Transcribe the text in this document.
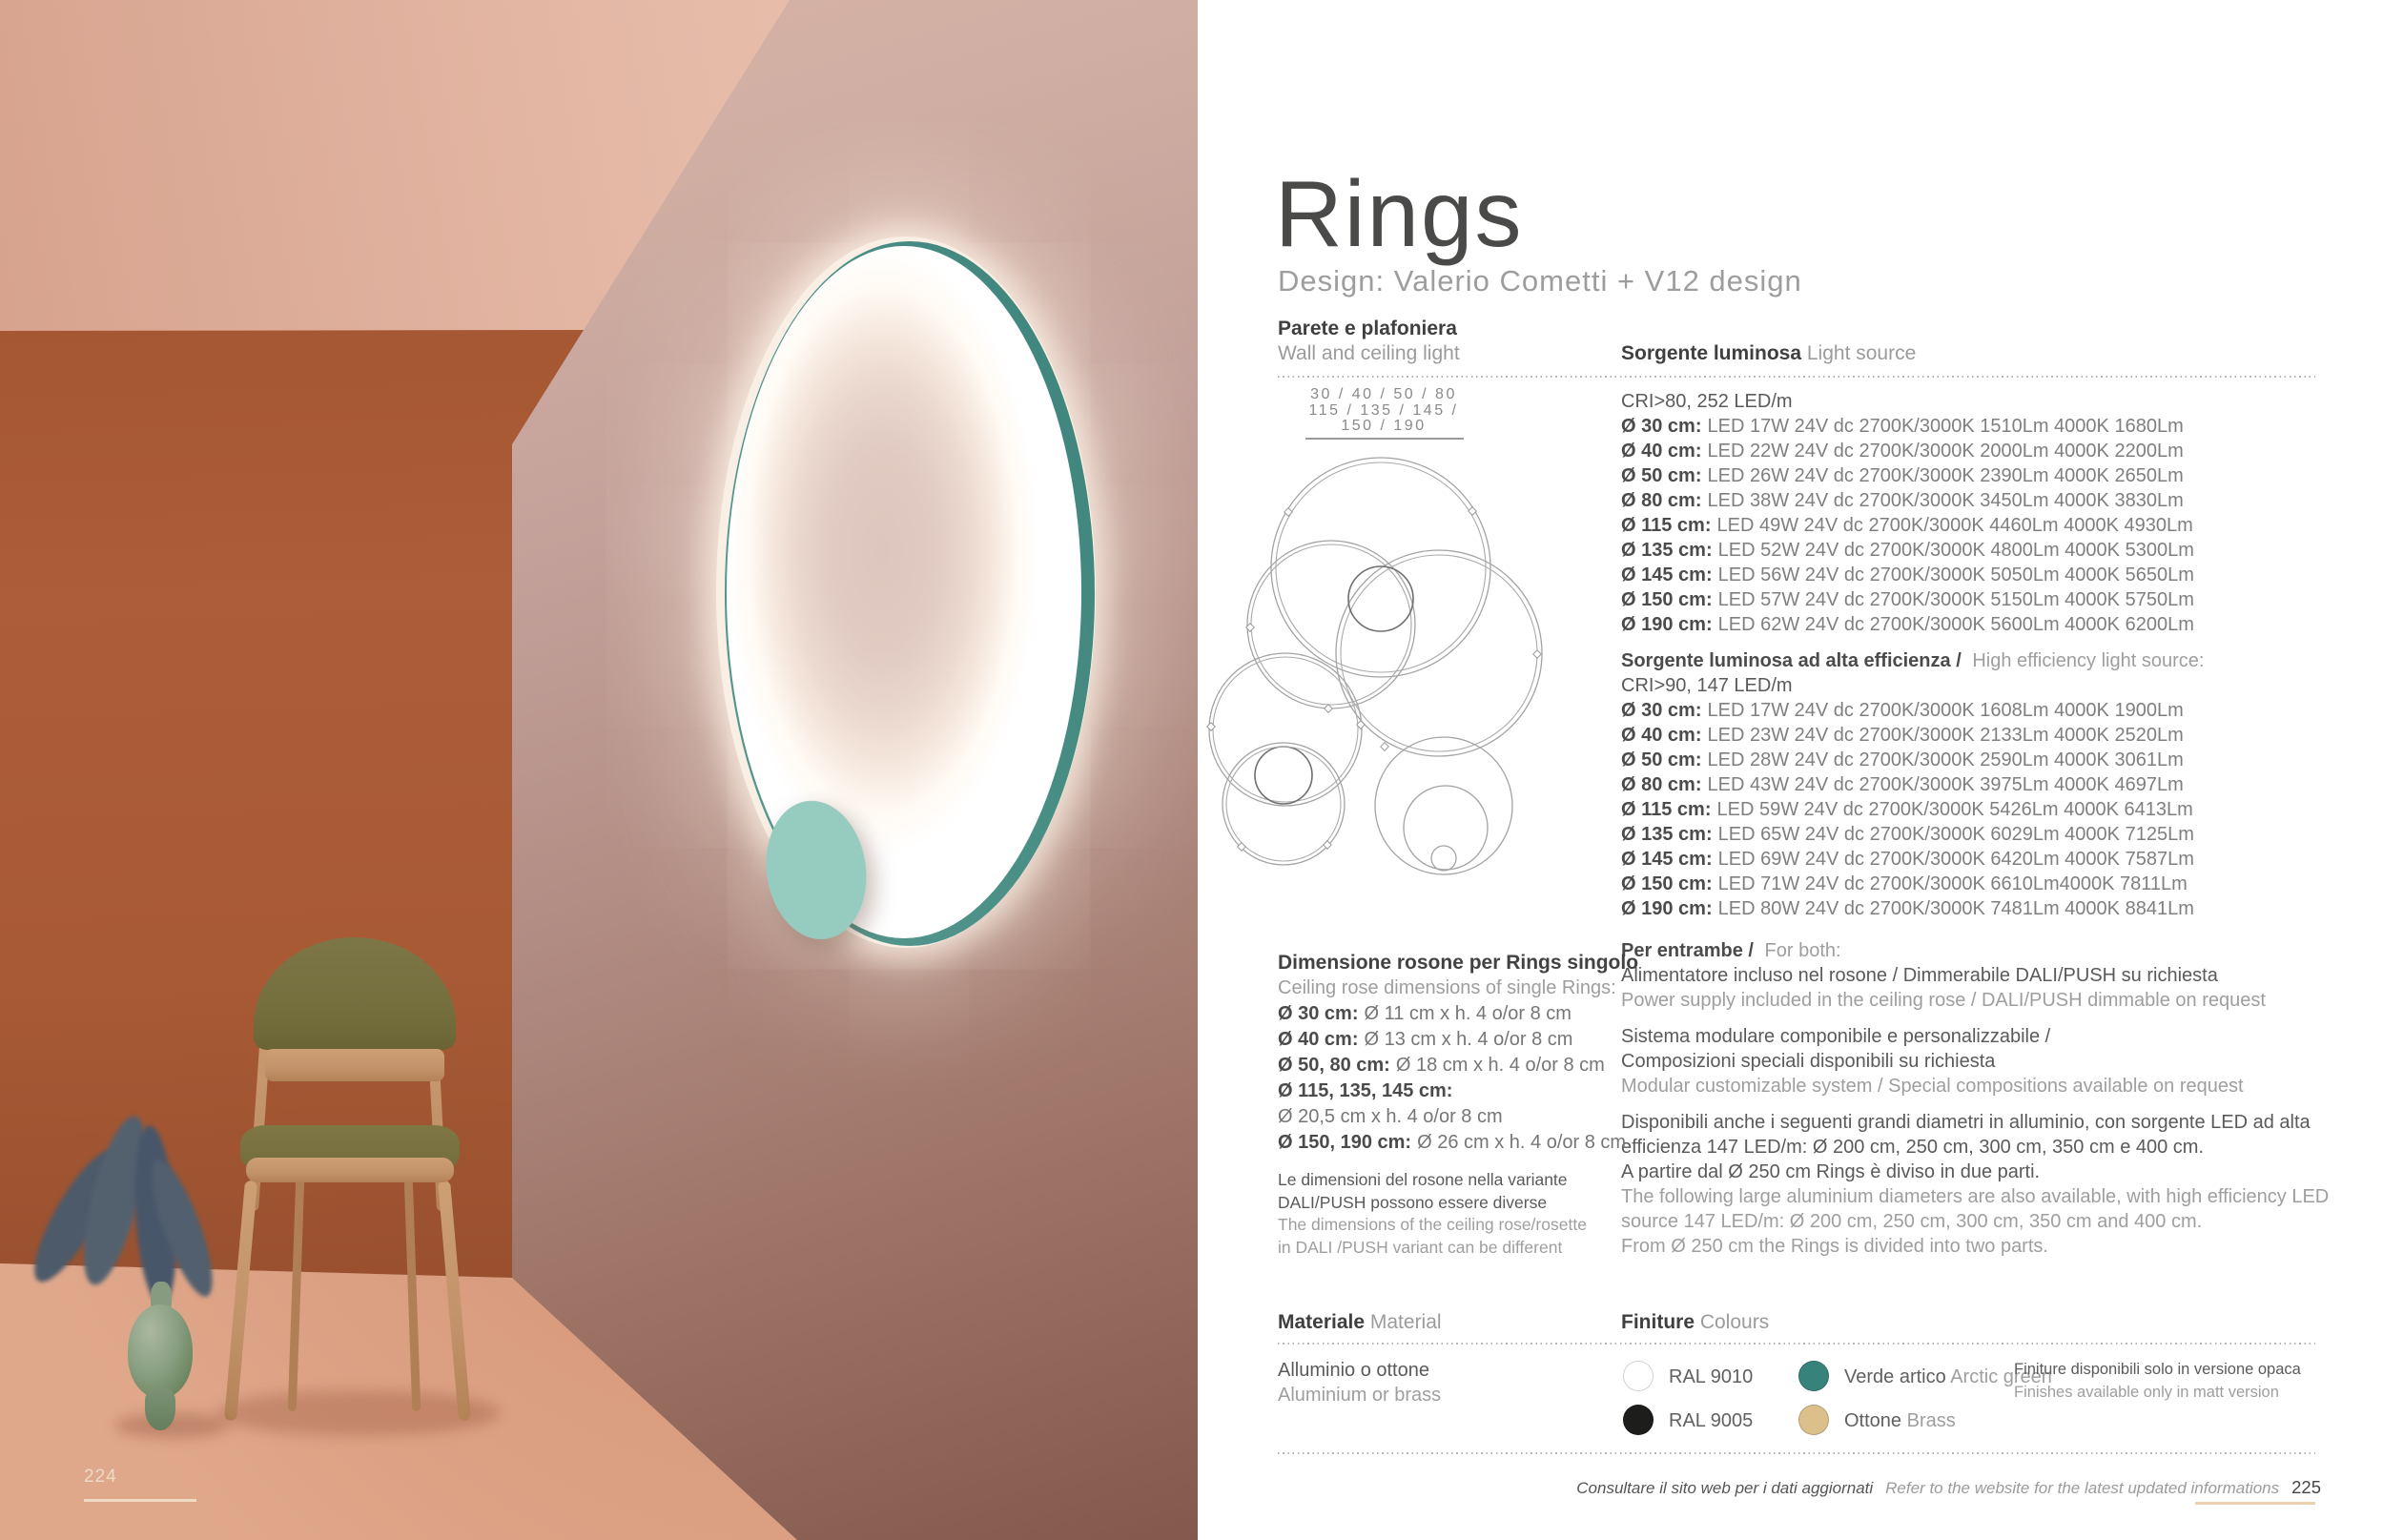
224
Rings
Design: Valerio Cometti + V12 design
Parete e plafoniera
Wall and ceiling light	Sorgente luminosa Light source
30 / 40 / 50 / 80
115 / 135 / 145 /
150 / 190
CRI>80, 252 LED/m
Ø 30 cm: LED 17W 24V dc 2700K/3000K 1510Lm 4000K 1680Lm
Ø 40 cm: LED 22W 24V dc 2700K/3000K 2000Lm 4000K 2200Lm
Ø 50 cm: LED 26W 24V dc 2700K/3000K 2390Lm 4000K 2650Lm
Ø 80 cm: LED 38W 24V dc 2700K/3000K 3450Lm 4000K 3830Lm
Ø 115 cm: LED 49W 24V dc 2700K/3000K 4460Lm 4000K 4930Lm
Ø 135 cm: LED 52W 24V dc 2700K/3000K 4800Lm 4000K 5300Lm
Ø 145 cm: LED 56W 24V dc 2700K/3000K 5050Lm 4000K 5650Lm
Ø 150 cm: LED 57W 24V dc 2700K/3000K 5150Lm 4000K 5750Lm
Ø 190 cm: LED 62W 24V dc 2700K/3000K 5600Lm 4000K 6200Lm
Sorgente luminosa ad alta efficienza / High efficiency light source:
CRI>90, 147 LED/m
Ø 30 cm: LED 17W 24V dc 2700K/3000K 1608Lm 4000K 1900Lm
Ø 40 cm: LED 23W 24V dc 2700K/3000K 2133Lm 4000K 2520Lm
Ø 50 cm: LED 28W 24V dc 2700K/3000K 2590Lm 4000K 3061Lm
Ø 80 cm: LED 43W 24V dc 2700K/3000K 3975Lm 4000K 4697Lm
Ø 115 cm: LED 59W 24V dc 2700K/3000K 5426Lm 4000K 6413Lm
Ø 135 cm: LED 65W 24V dc 2700K/3000K 6029Lm 4000K 7125Lm
Ø 145 cm: LED 69W 24V dc 2700K/3000K 6420Lm 4000K 7587Lm
Ø 150 cm: LED 71W 24V dc 2700K/3000K 6610Lm4000K 7811Lm
Ø 190 cm: LED 80W 24V dc 2700K/3000K 7481Lm 4000K 8841Lm
Per entrambe / For both:
Alimentatore incluso nel rosone / Dimmerabile DALI/PUSH su richiesta
Power supply included in the ceiling rose / DALI/PUSH dimmable on request
Sistema modulare componibile e personalizzabile /
Composizioni speciali disponibili su richiesta
Modular customizable system / Special compositions available on request
Disponibili anche i seguenti grandi diametri in alluminio, con sorgente LED ad alta
efficienza 147 LED/m: Ø 200 cm, 250 cm, 300 cm, 350 cm e 400 cm.
A partire dal Ø 250 cm Rings è diviso in due parti.
The following large aluminium diameters are also available, with high efficiency LED
source 147 LED/m: Ø 200 cm, 250 cm, 300 cm, 350 cm and 400 cm.
From Ø 250 cm the Rings is divided into two parts.
Dimensione rosone per Rings singolo
Ceiling rose dimensions of single Rings:
Ø 30 cm: Ø 11 cm x h. 4 o/or 8 cm
Ø 40 cm: Ø 13 cm x h. 4 o/or 8 cm
Ø 50, 80 cm: Ø 18 cm x h. 4 o/or 8 cm
Ø 115, 135, 145 cm:
Ø 20,5 cm x h. 4 o/or 8 cm
Ø 150, 190 cm: Ø 26 cm x h. 4 o/or 8 cm
Le dimensioni del rosone nella variante
DALI/PUSH possono essere diverse
The dimensions of the ceiling rose/rosette
in DALI /PUSH variant can be different
Materiale Material	Finiture Colours
Alluminio o ottone
Aluminium or brass
RAL 9010
RAL 9005
Verde artico Arctic green
Ottone Brass
Finiture disponibili solo in versione opaca
Finishes available only in matt version
Consultare il sito web per i dati aggiornati Refer to the website for the latest updated informations 225
